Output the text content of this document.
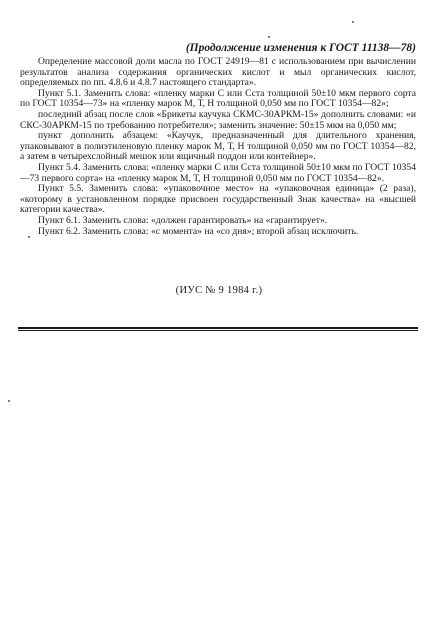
(Продолжение изменения к ГОСТ 11138—78)

Определение массовой доли масла по ГОСТ 24919—81 с использованием при вычислении результатов анализа содержания органических кислот и мыл органических кислот, определяемых по пп. 4.8.6 и 4.8.7 настоящего стандарта».

Пункт 5.1. Заменить слова: «пленку марки С или Сста толщиной 50±10 мкм первого сорта по ГОСТ 10354—73» на «пленку марок М, Т, Н толщиной 0,050 мм по ГОСТ 10354—82»;

последний абзац после слов «Брикеты каучука СКМС-30АРКМ-15» дополнить словами: «и СКС-30АРКМ-15 по требованию потребителя»; заменить значение: 50±15 мкм на 0,050 мм;

пункт дополнить абзацем: «Каучук, предназначенный для длительного хранения, упаковывают в полиэтиленовую пленку марок М, Т, Н толщиной 0,050 мм по ГОСТ 10354—82, а затем в четырехслойный мешок или ящичный поддон или контейнер».

Пункт 5.4. Заменить слова: «пленку марки С или Сста толщиной 50±10 мкм по ГОСТ 10354—73 первого сорта» на «пленку марок М, Т, Н толщиной 0,050 мм по ГОСТ 10354—82».

Пункт 5.5. Заменить слова: «упаковочное место» на «упаковочная единица» (2 раза), «которому в установленном порядке присвоен государственный Знак качества» на «высшей категории качества».

Пункт 6.1. Заменить слова: «должен гарантировать» на «гарантирует».

Пункт 6.2. Заменить слова: «с момента» на «со дня»; второй абзац исключить.

(ИУС № 9 1984 г.)
